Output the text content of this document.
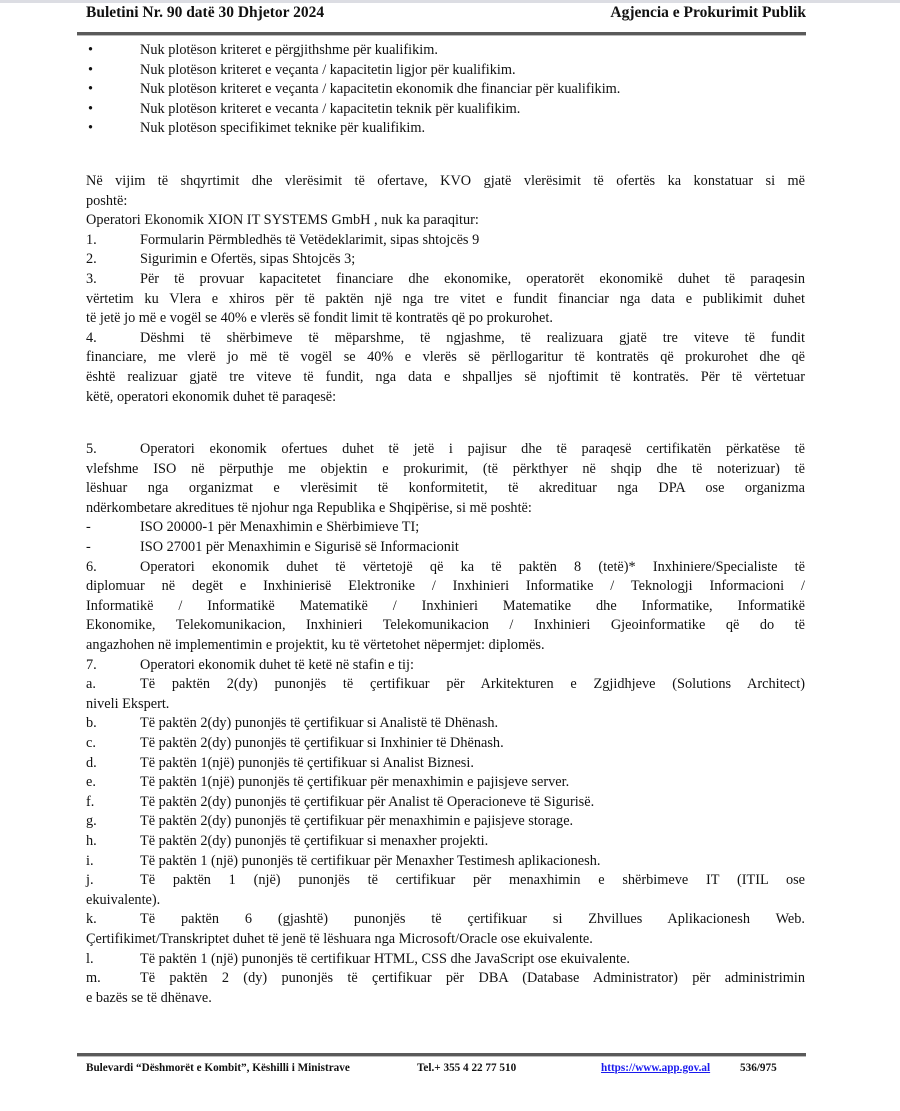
Buletini Nr. 90 datë 30 Dhjetor 2024	Agjencia e Prokurimit Publik
•	Nuk plotëson kriteret e përgjithshme për kualifikim.
•	Nuk plotëson kriteret e veçanta / kapacitetin ligjor për kualifikim.
•	Nuk plotëson kriteret e veçanta / kapacitetin ekonomik dhe financiar për kualifikim.
•	Nuk plotëson kriteret e vecanta / kapacitetin teknik për kualifikim.
•	Nuk plotëson specifikimet teknike për kualifikim.
Në vijim të shqyrtimit dhe vlerësimit të ofertave, KVO gjatë vlerësimit të ofertës ka konstatuar si më
poshtë:
Operatori Ekonomik XION IT SYSTEMS GmbH , nuk ka paraqitur:
1.	Formularin Përmbledhës të Vetëdeklarimit, sipas shtojcës 9
2.	Sigurimin e Ofertës, sipas Shtojcës 3;
3.	Për të provuar kapacitetet financiare dhe ekonomike, operatorët ekonomikë duhet të paraqesin
vërtetim ku Vlera e xhiros për të paktën një nga tre vitet e fundit financiar nga data e publikimit duhet
të jetë jo më e vogël se 40% e vlerës së fondit limit të kontratës që po prokurohet.
4.	Dëshmi të shërbimeve të mëparshme, të ngjashme, të realizuara gjatë tre viteve të fundit
financiare, me vlerë jo më të vogël se 40% e vlerës së përllogaritur të kontratës që prokurohet dhe që
është realizuar gjatë tre viteve të fundit, nga data e shpalljes së njoftimit të kontratës. Për të vërtetuar
këtë, operatori ekonomik duhet të paraqesë:
5.	Operatori ekonomik ofertues duhet të jetë i pajisur dhe të paraqesë certifikatën përkatëse të
vlefshme ISO në përputhje me objektin e prokurimit, (të përkthyer në shqip dhe të noterizuar) të
lëshuar nga organizmat e vlerësimit të konformitetit, të akredituar nga DPA ose organizma
ndërkombetare akreditues të njohur nga Republika e Shqipërise, si më poshtë:
-	ISO 20000-1 për Menaxhimin e Shërbimieve TI;
-	ISO 27001 për Menaxhimin e Sigurisë së Informacionit
6.	Operatori ekonomik duhet të vërtetojë që ka të paktën 8 (tetë)* Inxhiniere/Specialiste të
diplomuar në degët e Inxhinierisë Elektronike / Inxhinieri Informatike / Teknologji Informacioni /
Informatikë / Informatikë Matematikë / Inxhinieri Matematike dhe Informatike, Informatikë
Ekonomike, Telekomunikacion, Inxhinieri Telekomunikacion / Inxhinieri Gjeoinformatike që do të
angazhohen në implementimin e projektit, ku të vërtetohet nëpermjet: diplomës.
7.	Operatori ekonomik duhet të ketë në stafin e tij:
a.	Të paktën 2(dy) punonjës të çertifikuar për Arkitekturen e Zgjidhjeve (Solutions Architect)
niveli Ekspert.
b.	Të paktën 2(dy) punonjës të çertifikuar si Analistë të Dhënash.
c.	Të paktën 2(dy) punonjës të çertifikuar si Inxhinier të Dhënash.
d.	Të paktën 1(një) punonjës të çertifikuar si Analist Biznesi.
e.	Të paktën 1(një) punonjës të çertifikuar për menaxhimin e pajisjeve server.
f.	Të paktën 2(dy) punonjës të çertifikuar për Analist të Operacioneve të Sigurisë.
g.	Të paktën 2(dy) punonjës të çertifikuar për menaxhimin e pajisjeve storage.
h.	Të paktën 2(dy) punonjës të çertifikuar si menaxher projekti.
i.	Të paktën 1 (një) punonjës të certifikuar për Menaxher Testimesh aplikacionesh.
j.	Të paktën 1 (një) punonjës të certifikuar për menaxhimin e shërbimeve IT (ITIL ose
ekuivalente).
k.	Të paktën 6 (gjashtë) punonjës të çertifikuar si Zhvillues Aplikacionesh Web.
Çertifikimet/Transkriptet duhet të jenë të lëshuara nga Microsoft/Oracle ose ekuivalente.
l.	Të paktën 1 (një) punonjës të certifikuar HTML, CSS dhe JavaScript ose ekuivalente.
m.	Të paktën 2 (dy) punonjës të çertifikuar për DBA (Database Administrator) për administrimin
e bazës se të dhënave.
Bulevardi “Dëshmorët e Kombit”, Këshilli i Ministrave	Tel.+ 355 4 22 77 510	https://www.app.gov.al	536/975
